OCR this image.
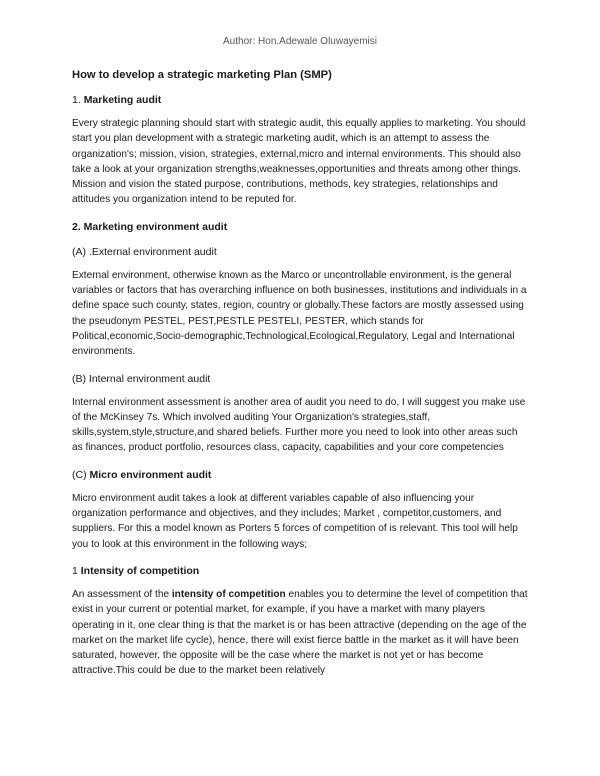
Author: Hon.Adewale Oluwayemisi
How to develop a strategic marketing Plan (SMP)
1. Marketing audit
Every strategic planning should start with strategic audit, this equally applies to marketing. You should start you plan development with a strategic marketing audit, which is an attempt to assess the organization's; mission, vision, strategies, external,micro and internal environments. This should also take a look at your organization strengths,weaknesses,opportunities and threats among other things. Mission and vision the stated purpose, contributions, methods, key strategies, relationships and attitudes you organization intend to be reputed for.
2. Marketing environment audit
(A) .External environment audit
External environment, otherwise known as the Marco or uncontrollable environment, is the general variables or factors that has overarching influence on both businesses, institutions and individuals in a define space such county, states, region, country or globally.These factors are mostly assessed using the pseudonym PESTEL, PEST,PESTLE PESTELI, PESTER, which stands for Political,economic,Socio-demographic,Technological,Ecological,Regulatory, Legal and International environments.
(B) Internal environment audit
Internal environment assessment is another area of audit you need to do, I will suggest you make use of the McKinsey 7s. Which involved auditing Your Organization's strategies,staff, skills,system,style,structure,and shared beliefs. Further more you need to look into other areas such as finances, product portfolio, resources class, capacity, capabilities and your core competencies
(C) Micro environment audit
Micro environment audit takes a look at different variables capable of also influencing your organization performance and objectives, and they includes; Market , competitor,customers, and suppliers. For this a model known as Porters 5 forces of competition of is relevant. This tool will help you to look at this environment in the following ways;
1 Intensity of competition
An assessment of the intensity of competition enables you to determine the level of competition that exist in your current or potential market, for example, if you have a market with many players operating in it, one clear thing is that the market is or has been attractive (depending on the age of the market on the market life cycle), hence, there will exist fierce battle in the market as it will have been saturated, however, the opposite will be the case where the market is not yet or has become attractive.This could be due to the market been relatively
